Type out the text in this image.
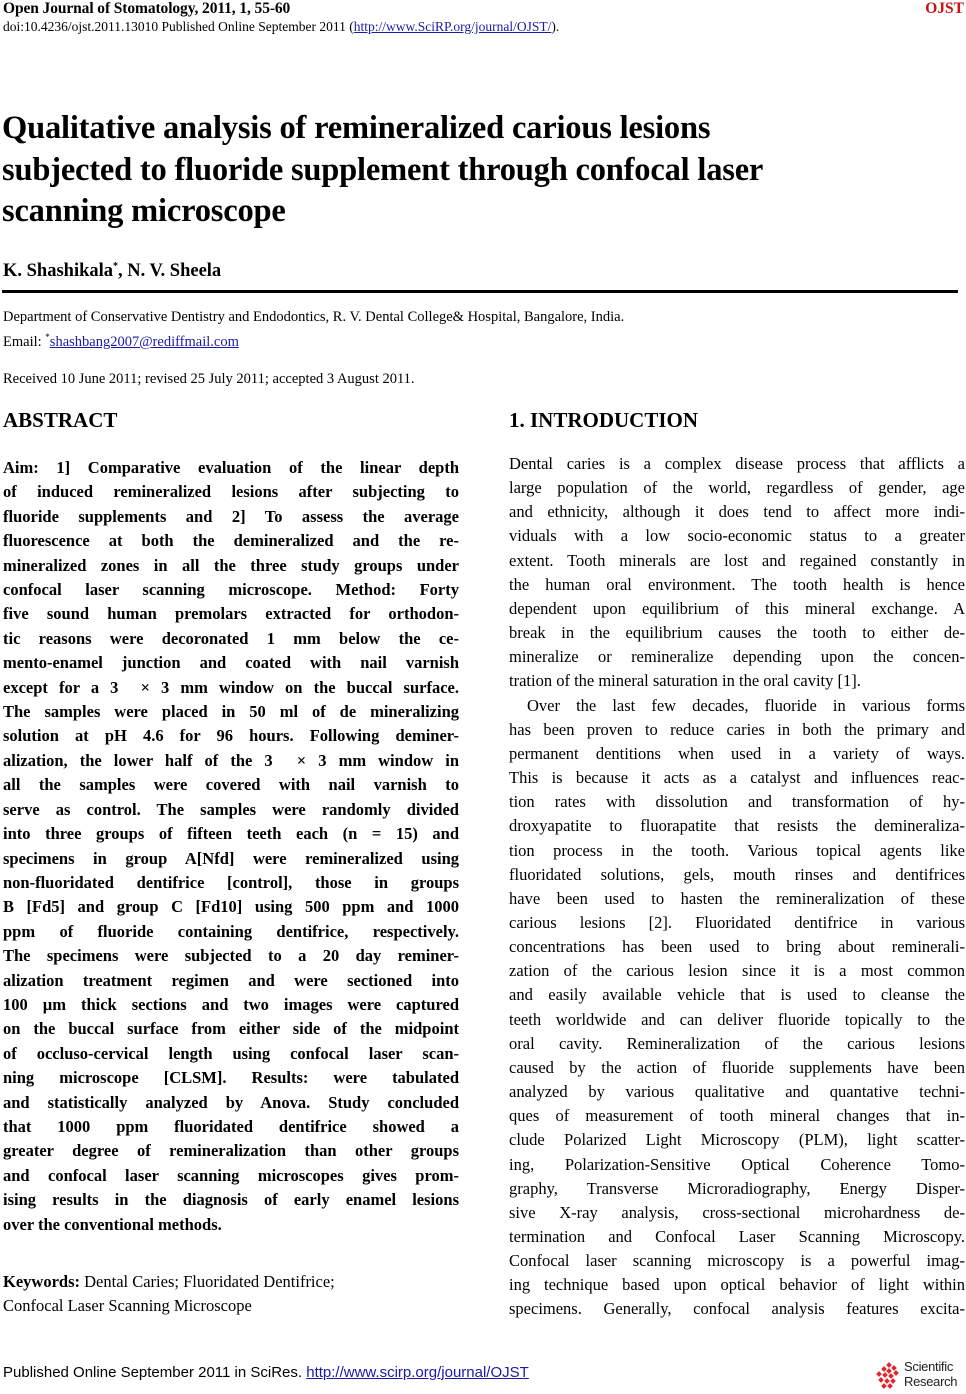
Open Journal of Stomatology, 2011, 1, 55-60	OJST
doi:10.4236/ojst.2011.13010 Published Online September 2011 (http://www.SciRP.org/journal/OJST/).
Qualitative analysis of remineralized carious lesions
subjected to fluoride supplement through confocal laser
scanning microscope
K. Shashikala*, N. V. Sheela
Department of Conservative Dentistry and Endodontics, R. V. Dental College& Hospital, Bangalore, India.
Email: *shashbang2007@rediffmail.com
Received 10 June 2011; revised 25 July 2011; accepted 3 August 2011.
ABSTRACT	1. INTRODUCTION
Aim: 1] Comparative evaluation of the linear depth
of induced remineralized lesions after subjecting to
fluoride supplements and 2] To assess the average
fluorescence at both the demineralized and the re-
mineralized zones in all the three study groups under
confocal laser scanning microscope. Method: Forty
five sound human premolars extracted for orthodon-
tic reasons were decoronated 1 mm below the ce-
mento-enamel junction and coated with nail varnish
except for a 3  × 3 mm window on the buccal surface.
The samples were placed in 50 ml of de mineralizing
solution at pH 4.6 for 96 hours. Following deminer-
alization, the lower half of the 3  × 3 mm window in
all the samples were covered with nail varnish to
serve as control. The samples were randomly divided
into three groups of fifteen teeth each (n = 15) and
specimens in group A[Nfd] were remineralized using
non-fluoridated dentifrice [control], those in groups
B [Fd5] and group C [Fd10] using 500 ppm and 1000
ppm of fluoride containing dentifrice, respectively.
The specimens were subjected to a 20 day reminer-
alization treatment regimen and were sectioned into
100 µm thick sections and two images were captured
on the buccal surface from either side of the midpoint
of occluso-cervical length using confocal laser scan-
ning microscope [CLSM]. Results: were tabulated
and statistically analyzed by Anova. Study concluded
that 1000 ppm fluoridated dentifrice showed a
greater degree of remineralization than other groups
and confocal laser scanning microscopes gives prom-
ising results in the diagnosis of early enamel lesions
over the conventional methods.
Keywords: Dental Caries; Fluoridated Dentifrice;
Confocal Laser Scanning Microscope
Dental caries is a complex disease process that afflicts a
large population of the world, regardless of gender, age
and ethnicity, although it does tend to affect more indi-
viduals with a low socio-economic status to a greater
extent. Tooth minerals are lost and regained constantly in
the human oral environment. The tooth health is hence
dependent upon equilibrium of this mineral exchange. A
break in the equilibrium causes the tooth to either de-
mineralize or remineralize depending upon the concen-
tration of the mineral saturation in the oral cavity [1].
Over the last few decades, fluoride in various forms
has been proven to reduce caries in both the primary and
permanent dentitions when used in a variety of ways.
This is because it acts as a catalyst and influences reac-
tion rates with dissolution and transformation of hy-
droxyapatite to fluorapatite that resists the demineraliza-
tion process in the tooth. Various topical agents like
fluoridated solutions, gels, mouth rinses and dentifrices
have been used to hasten the remineralization of these
carious lesions [2]. Fluoridated dentifrice in various
concentrations has been used to bring about reminerali-
zation of the carious lesion since it is a most common
and easily available vehicle that is used to cleanse the
teeth worldwide and can deliver fluoride topically to the
oral cavity. Remineralization of the carious lesions
caused by the action of fluoride supplements have been
analyzed by various qualitative and quantative techni-
ques of measurement of tooth mineral changes that in-
clude Polarized Light Microscopy (PLM), light scatter-
ing, Polarization-Sensitive Optical Coherence Tomo-
graphy, Transverse Microradiography, Energy Disper-
sive X-ray analysis, cross-sectional microhardness de-
termination and Confocal Laser Scanning Microscopy.
Confocal laser scanning microscopy is a powerful imag-
ing technique based upon optical behavior of light within
specimens. Generally, confocal analysis features excita-
Published Online September 2011 in SciRes. http://www.scirp.org/journal/OJST	Scientific
Research
